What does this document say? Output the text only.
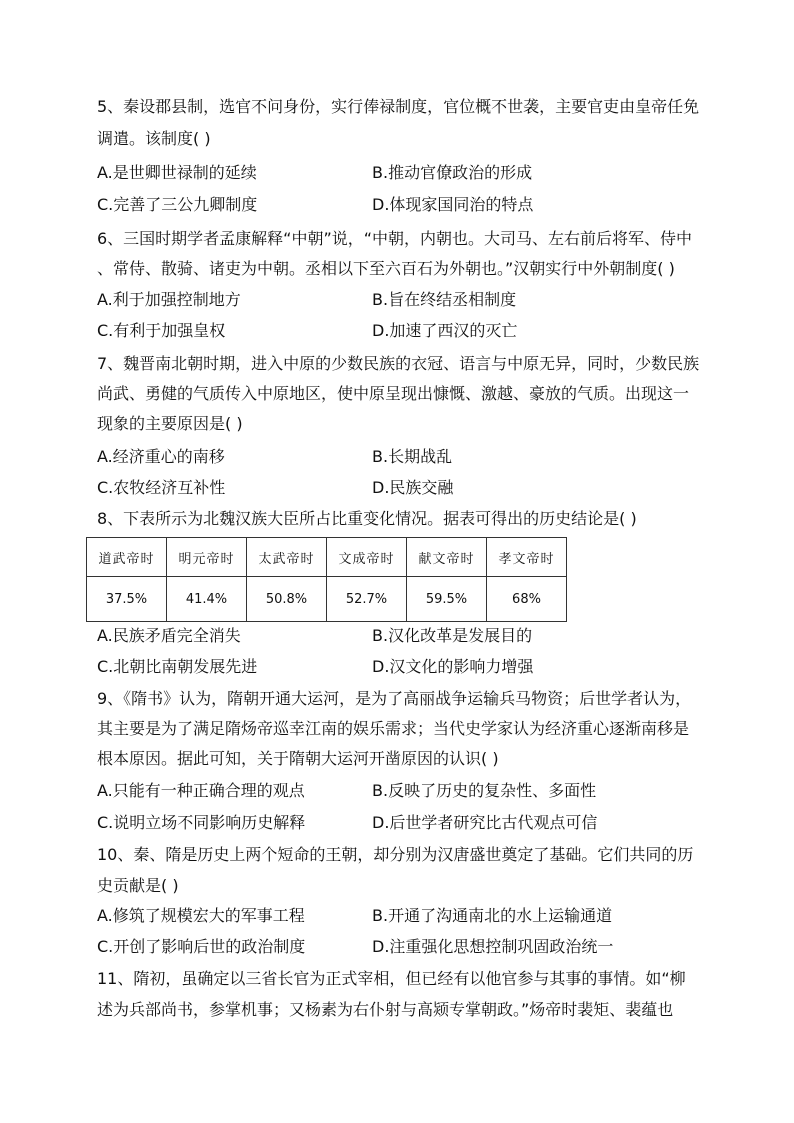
5、秦设郡县制，选官不问身份，实行俸禄制度，官位概不世袭，主要官吏由皇帝任免
调遣。该制度( )
A.是世卿世禄制的延续	B.推动官僚政治的形成
C.完善了三公九卿制度	D.体现家国同治的特点
6、三国时期学者孟康解释“中朝”说，“中朝，内朝也。大司马、左右前后将军、侍中
、常侍、散骑、诸吏为中朝。丞相以下至六百石为外朝也。”汉朝实行中外朝制度( )
A.利于加强控制地方	B.旨在终结丞相制度
C.有利于加强皇权	D.加速了西汉的灭亡
7、魏晋南北朝时期，进入中原的少数民族的衣冠、语言与中原无异，同时，少数民族
尚武、勇健的气质传入中原地区，使中原呈现出慷慨、激越、豪放的气质。出现这一
现象的主要原因是( )
A.经济重心的南移	B.长期战乱
C.农牧经济互补性	D.民族交融
8、下表所示为北魏汉族大臣所占比重变化情况。据表可得出的历史结论是( )
道武帝时	明元帝时	太武帝时	文成帝时	献文帝时	孝文帝时
37.5%	41.4%	50.8%	52.7%	59.5%	68%
A.民族矛盾完全消失	B.汉化改革是发展目的
C.北朝比南朝发展先进	D.汉文化的影响力增强
9、《隋书》认为，隋朝开通大运河，是为了高丽战争运输兵马物资；后世学者认为，
其主要是为了满足隋炀帝巡幸江南的娱乐需求；当代史学家认为经济重心逐渐南移是
根本原因。据此可知，关于隋朝大运河开凿原因的认识( )
A.只能有一种正确合理的观点	B.反映了历史的复杂性、多面性
C.说明立场不同影响历史解释	D.后世学者研究比古代观点可信
10、秦、隋是历史上两个短命的王朝，却分别为汉唐盛世奠定了基础。它们共同的历
史贡献是( )
A.修筑了规模宏大的军事工程	B.开通了沟通南北的水上运输通道
C.开创了影响后世的政治制度	D.注重强化思想控制巩固政治统一
11、隋初，虽确定以三省长官为正式宰相，但已经有以他官参与其事的事情。如“柳
述为兵部尚书，参掌机事；又杨素为右仆射与高颎专掌朝政。”炀帝时裴矩、裴蕴也
